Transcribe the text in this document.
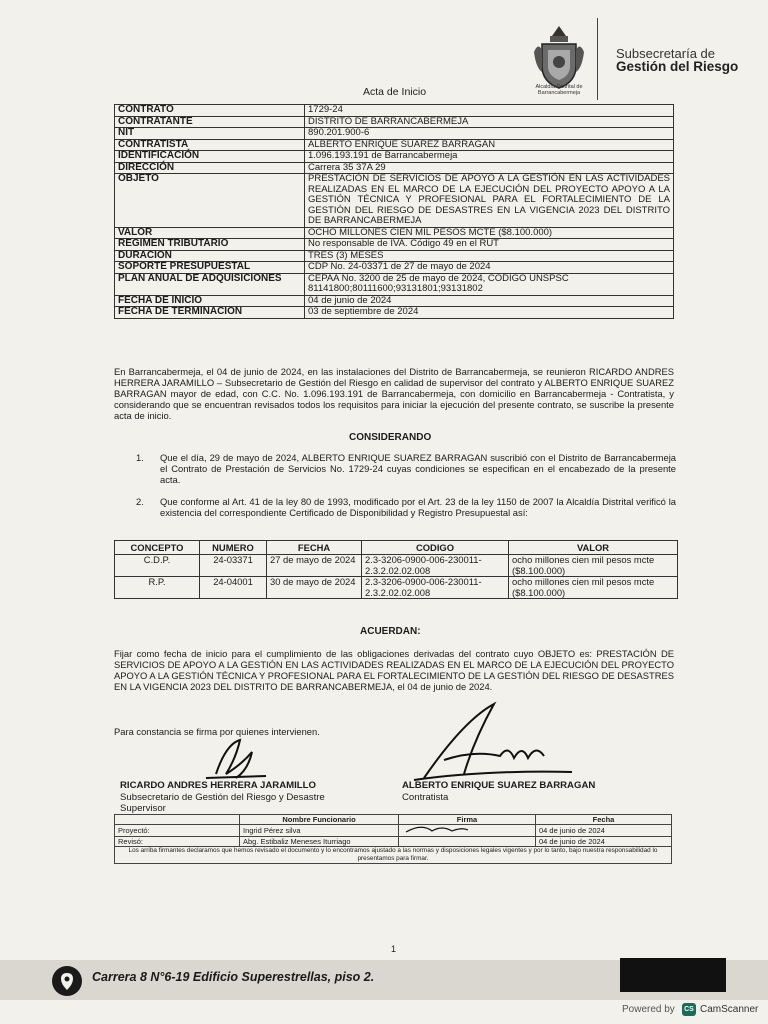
Alcaldía Distrital de Barrancabermeja
Subsecretaría de
Gestión del Riesgo
Acta de Inicio
CONTRATO	1729-24
CONTRATANTE	DISTRITO DE BARRANCABERMEJA
NIT	890.201.900-6
CONTRATISTA	ALBERTO ENRIQUE SUAREZ BARRAGAN
IDENTIFICACIÓN	1.096.193.191 de Barrancabermeja
DIRECCIÓN	Carrera 35 37A 29
OBJETO	PRESTACIÓN DE SERVICIOS DE APOYO A LA GESTIÓN EN LAS ACTIVIDADES REALIZADAS EN EL MARCO DE LA EJECUCIÓN DEL PROYECTO APOYO A LA GESTIÓN TÉCNICA Y PROFESIONAL PARA EL FORTALECIMIENTO DE LA GESTIÓN DEL RIESGO DE DESASTRES EN LA VIGENCIA 2023 DEL DISTRITO DE BARRANCABERMEJA
VALOR	OCHO MILLONES CIEN MIL PESOS MCTE ($8.100.000)
REGIMEN TRIBUTARIO	No responsable de IVA. Código 49 en el RUT
DURACION	TRES (3) MESES
SOPORTE PRESUPUESTAL	CDP No. 24-03371 de 27 de mayo de 2024
PLAN ANUAL DE ADQUISICIONES	CEPAA No. 3200 de 25 de mayo de 2024, CODIGO UNSPSC 81141800;80111600;93131801;93131802
FECHA DE INICIO	04 de junio de 2024
FECHA DE TERMINACION	03 de septiembre de 2024
En Barrancabermeja, el 04 de junio de 2024, en las instalaciones del Distrito de Barrancabermeja, se reunieron RICARDO ANDRES HERRERA JARAMILLO – Subsecretario de Gestión del Riesgo en calidad de supervisor del contrato y ALBERTO ENRIQUE SUAREZ BARRAGAN mayor de edad, con C.C. No. 1.096.193.191 de Barrancabermeja, con domicilio en Barrancabermeja - Contratista, y considerando que se encuentran revisados todos los requisitos para iniciar la ejecución del presente contrato, se suscribe la presente acta de inicio.
CONSIDERANDO
1. Que el día, 29 de mayo de 2024, ALBERTO ENRIQUE SUAREZ BARRAGAN suscribió con el Distrito de Barrancabermeja el Contrato de Prestación de Servicios No. 1729-24 cuyas condiciones se especifican en el encabezado de la presente acta.
2. Que conforme al Art. 41 de la ley 80 de 1993, modificado por el Art. 23 de la ley 1150 de 2007 la Alcaldía Distrital verificó la existencia del correspondiente Certificado de Disponibilidad y Registro Presupuestal así:
CONCEPTO	NUMERO	FECHA	CODIGO	VALOR
C.D.P.	24-03371	27 de mayo de 2024	2.3-3206-0900-006-230011-2.3.2.02.02.008	ocho millones cien mil pesos mcte ($8.100.000)
R.P.	24-04001	30 de mayo de 2024	2.3-3206-0900-006-230011-2.3.2.02.02.008	ocho millones cien mil pesos mcte ($8.100.000)
ACUERDAN:
Fijar como fecha de inicio para el cumplimiento de las obligaciones derivadas del contrato cuyo OBJETO es: PRESTACIÓN DE SERVICIOS DE APOYO A LA GESTIÓN EN LAS ACTIVIDADES REALIZADAS EN EL MARCO DE LA EJECUCIÓN DEL PROYECTO APOYO A LA GESTIÓN TÉCNICA Y PROFESIONAL PARA EL FORTALECIMIENTO DE LA GESTIÓN DEL RIESGO DE DESASTRES EN LA VIGENCIA 2023 DEL DISTRITO DE BARRANCABERMEJA, el 04 de junio de 2024.
Para constancia se firma por quienes intervienen.
RICARDO ANDRES HERRERA JARAMILLO
Subsecretario de Gestión del Riesgo y Desastre
Supervisor
ALBERTO ENRIQUE SUAREZ BARRAGAN
Contratista
	Nombre Funcionario	Firma	Fecha
Proyectó:	Ingrid Pérez silva		04 de junio de 2024
Revisó:	Abg. Estibaliz Meneses Iturriago		04 de junio de 2024
Los arriba firmantes declaramos que hemos revisado el documento y lo encontramos ajustado a las normas y disposiciones legales vigentes y por lo tanto, bajo nuestra responsabilidad lo presentamos para firmar.			
1
Carrera 8 N°6-19 Edificio Superestrellas, piso 2.
Powered by	CS CamScanner
